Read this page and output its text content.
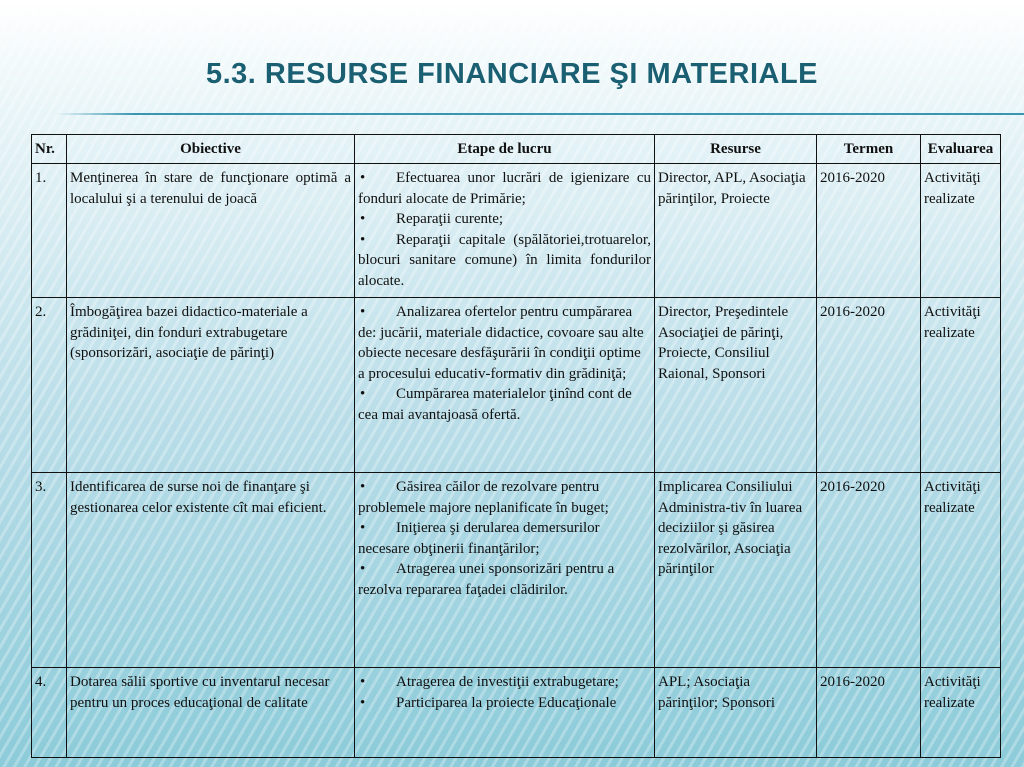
5.3. RESURSE FINANCIARE ŞI MATERIALE
Nr.	Obiective	Etape de lucru	Resurse	Termen	Evaluarea
1.	Menţinerea în stare de funcţionare optimă a localului şi a terenului de joacă	• Efectuarea unor lucrări de igienizare cu fonduri alocate de Primărie;
• Reparaţii curente;
• Reparaţii capitale (spălătoriei,trotuarelor, blocuri sanitare comune) în limita fondurilor alocate.	Director, APL, Asociaţia părinţilor, Proiecte	2016-2020	Activităţi realizate
2.	Îmbogăţirea bazei didactico-materiale a grădiniţei, din fonduri extrabugetare (sponsorizări, asociaţie de părinţi)	• Analizarea ofertelor pentru cumpărarea de: jucării, materiale didactice, covoare sau alte obiecte necesare desfăşurării în condiţii optime a procesului educativ-formativ din grădiniţă;
• Cumpărarea materialelor ţinînd cont de cea mai avantajoasă ofertă.	Director, Preşedintele Asociaţiei de părinţi, Proiecte, Consiliul Raional, Sponsori	2016-2020	Activităţi realizate
3.	Identificarea de surse noi de finanţare şi gestionarea celor existente cît mai eficient.	• Găsirea căilor de rezolvare pentru problemele majore neplanificate în buget;
• Iniţierea şi derularea demersurilor necesare obţinerii finanţărilor;
• Atragerea unei sponsorizări pentru a rezolva repararea faţadei clădirilor.	Implicarea Consiliului Administra-tiv în luarea deciziilor şi găsirea rezolvărilor, Asociaţia părinţilor	2016-2020	Activităţi realizate
4.	Dotarea sălii sportive cu inventarul necesar pentru un proces educaţional de calitate	• Atragerea de investiţii extrabugetare;
• Participarea la proiecte Educaţionale	APL; Asociaţia părinţilor; Sponsori	2016-2020	Activităţi realizate
